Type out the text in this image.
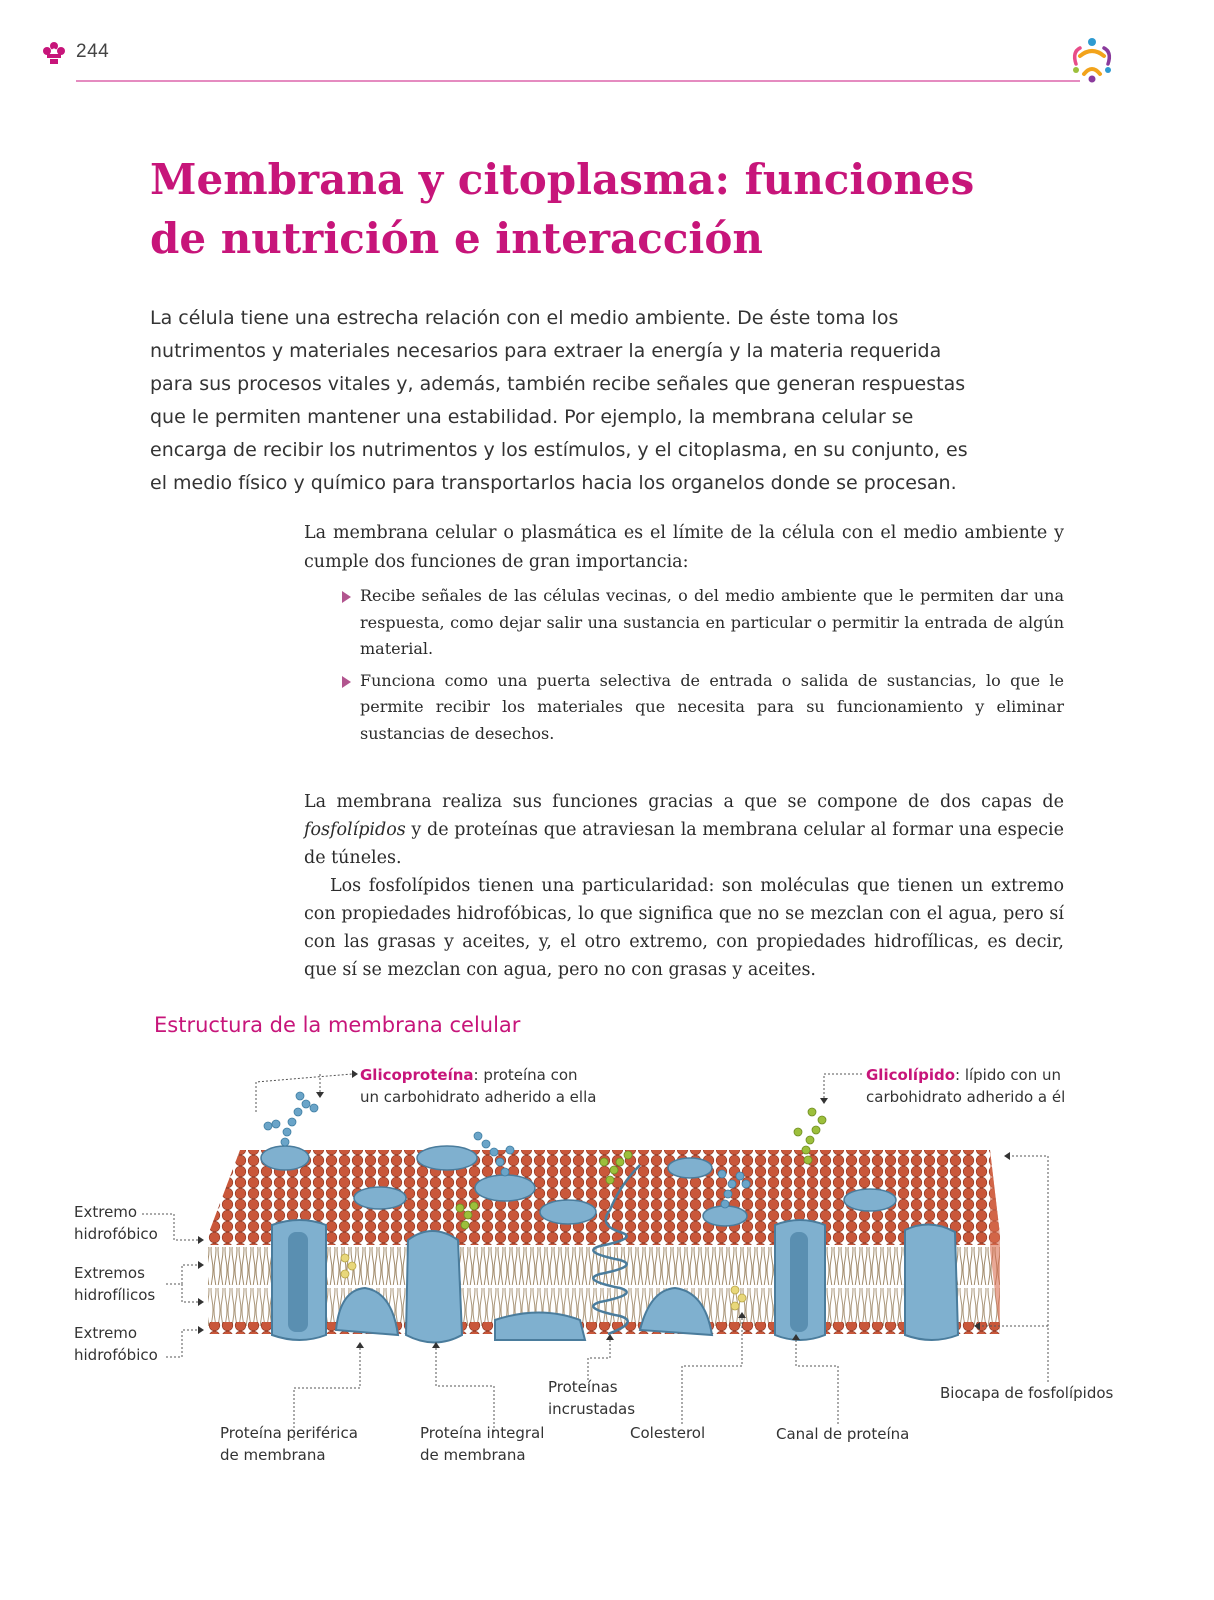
244
Membrana y citoplasma: funciones
de nutrición e interacción

La célula tiene una estrecha relación con el medio ambiente. De éste toma los nutrimentos y materiales necesarios para extraer la energía y la materia requerida para sus procesos vitales y, además, también recibe señales que generan respuestas que le permiten mantener una estabilidad. Por ejemplo, la membrana celular se encarga de recibir los nutrimentos y los estímulos, y el citoplasma, en su conjunto, es el medio físico y químico para transportarlos hacia los organelos donde se procesan.

La membrana celular o plasmática es el límite de la célula con el medio ambiente y cumple dos funciones de gran importancia:

Recibe señales de las células vecinas, o del medio ambiente que le permiten dar una respuesta, como dejar salir una sustancia en particular o permitir la entrada de algún material.
Funciona como una puerta selectiva de entrada o salida de sustancias, lo que le permite recibir los materiales que necesita para su funcionamiento y eliminar sustancias de desechos.

La membrana realiza sus funciones gracias a que se compone de dos capas de fosfolípidos y de proteínas que atraviesan la membrana celular al formar una especie de túneles.

Los fosfolípidos tienen una particularidad: son moléculas que tienen un extremo con propiedades hidrofóbicas, lo que significa que no se mezclan con el agua, pero sí con las grasas y aceites, y, el otro extremo, con propiedades hidrofílicas, es decir, que sí se mezclan con agua, pero no con grasas y aceites.

Estructura de la membrana celular
Glicoproteína: proteína con
un carbohidrato adherido a ella
Glicolípido: lípido con un
carbohidrato adherido a él
Extremo
hidrofóbico
Extremos
hidrofílicos
Extremo
hidrofóbico
Proteína periférica
de membrana
Proteína integral
de membrana
Proteínas
incrustadas
Colesterol	Canal de proteína
Biocapa de fosfolípidos
